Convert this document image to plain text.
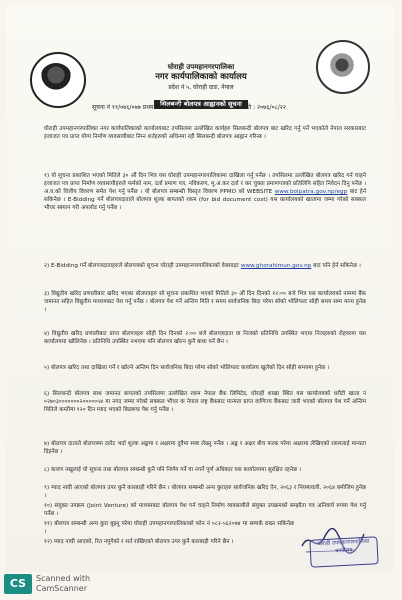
घोराही उपमहानगरपालिका
नगर कार्यपालिकाको कार्यालय
प्रदेश नं ५, घोराही दाङ, नेपाल
सिलबन्दी बोलपत्र आह्वानको सूचना
सूचना नं ११/०७६/०७७ प्रथम पटक प्रकाशित	मिति : २०७६/०८/२२
घोराही उपमहानगरपालिका नगर कार्यपालिकाको कार्यालयबाट तपसिलमा उल्लेखित कार्यहरु सिलबन्दी बोलपत्र बाट खरिद गर्नु पर्ने भएकोले नेपाल सरकारबाट इजाजत पत्र प्राप्त योग्य निर्माण व्यवसायीबाट निम्न शर्तहरुको अधिनमा रही सिलबन्दी बोलपत्र आह्वान गरिन्छ ।
१) यो सूचना प्रकाशित भएको मितिले ३० औं दिन भित्र यस घोराही उपमहानगरपालिकामा दाखिला गर्नु पर्नेछ । तपसिलमा उल्लेखित बोलपत्र खरिद गर्न चाहने इजाजत पत्र प्राप्त निर्माण व्यवसायीहरुले फर्मको नाम, दर्ता प्रमाण पत्र, नविकरण, मू.अ.कर दर्ता र कर चुक्ता प्रमाणपत्रको प्रतिलिपि सहित निवेदन दिनु पर्नेछ । अ.व.को वित्तीय विवरण समेत पेश गर्नु पर्नेछ । यो बोलपत्र सम्बन्धी विस्तृत विवरण PPMO को WEBSITE www.bolpatra.gov.np/egp बाट हेर्न सकिनेछ । E-Bidding गर्ने बोलपत्रदाताले बोलपत्र शुल्क बापतको रकम (for bid document cost) यस कार्यालयको खातामा जम्मा गरेको सक्कल भौचर स्क्यान गरी अपलोड गर्नु पर्नेछ ।
२) E-Bidding गर्ने बोलपत्रदाताहरुले बोलपत्रको सूचना घोराही उपमहानगरपालिकाको वेबसाइट www.ghorahimun.gov.np बाट पनि हेर्न सकिनेछ ।
३) विद्युतीय खरिद प्रणालीबाट खरिद भएका बोलपत्रहरु सो सूचना प्रकाशित भएको मितिले ३० औं दिन दिनको १२:०० बजे भित्र यस कार्यालयको नाममा बैंक जमानत सहित विद्युतीय माध्यमबाट पेश गर्नु पर्नेछ । बोलपत्र पेश गर्ने अन्तिम मिति र समय सार्वजनिक बिदा परेमा सोको भोलिपल्ट सोही समय सम्म मान्य हुनेछ ।
४) विद्युतीय खरिद प्रणालीबाट प्राप्त बोलपत्रहरु सोही दिन दिनको २:०० बजे बोलपत्रदाता वा निजको प्रतिनिधि उपस्थित भएमा निजहरुको रोहवरमा यस कार्यालयमा खोलिनेछ । प्रतिनिधि उपस्थित नभएमा पनि बोलपत्र खोल्न कुनै बाधा पर्ने छैन ।
५) बोलपत्र खरिद तथा दाखिला गर्ने र खोल्ने अन्तिम दिन सार्वजनिक बिदा परेमा सोको भोलिपल्ट कार्यालय खुलेको दिन सोही समयमा हुनेछ ।
६) सिलबन्दी बोलपत्र साथ जमानत बापतको तपसिलमा उल्लेखित रकम नेपाल बैंक लिमिटेड, घोराही शाखा स्थित यस कार्यालयको धरौटी खाता नं ०२७०३०००००००२०००००५४ मा नगद जम्मा गरेको सक्कल भौचर वा नेपाल राष्ट्र बैंकबाट मान्यता प्राप्त वाणिज्य बैंकबाट जारी भएको बोलपत्र पेश गर्ने अन्तिम मितिले कम्तीमा १२० दिन म्याद भएको बिडबण्ड पेश गर्नु पर्नेछ ।
७) बोलपत्र दाताले बोलपत्रमा दररेट भर्दा शुल्क अङ्कमा र अक्षरमा दुवैमा स्पष्ट लेख्नु पर्नेछ । अङ्क र अक्षर बीच फरक परेमा अक्षरमा लेखिएको रकमलाई मान्यता दिइनेछ ।
८) कारण नखुलाई यो सूचना तथा बोलपत्र सम्बन्धी कुनै पनि निर्णय गर्ने वा नगर्ने पूर्ण अधिकार यस कार्यालयमा सुरक्षित रहनेछ ।
९) म्याद नाघी आएको बोलपत्र उपर कुनै कारबाही गरिने छैन । बोलपत्र सम्बन्धी अन्य कुराहरु सार्वजनिक खरिद ऐन, २०६३ र नियमावली, २०६४ बमोजिम हुनेछ ।
१०) संयुक्त उपक्रम (Joint Venture) को माध्यमबाट बोलपत्र पेश गर्न चाहने निर्माण व्यवसायीले संयुक्त उपक्रमको सम्झौता पत्र अनिवार्य रुपमा पेश गर्नु पर्नेछ ।
११) बोलपत्र सम्बन्धी अन्य कुरा बुझ्नु परेमा घोराही उपमहानगरपालिकाको फोन नं ०८२-५६२०७४ मा सम्पर्क राख्न सकिनेछ ।
१२) म्याद नाघी आएको, रित नपुगेको र शर्त राखिएको बोलपत्र उपर कुनै कारबाही गरिने छैन ।	घोराही उपमहानगरपालिका
कार्यालय
CS	Scanned with
CamScanner
